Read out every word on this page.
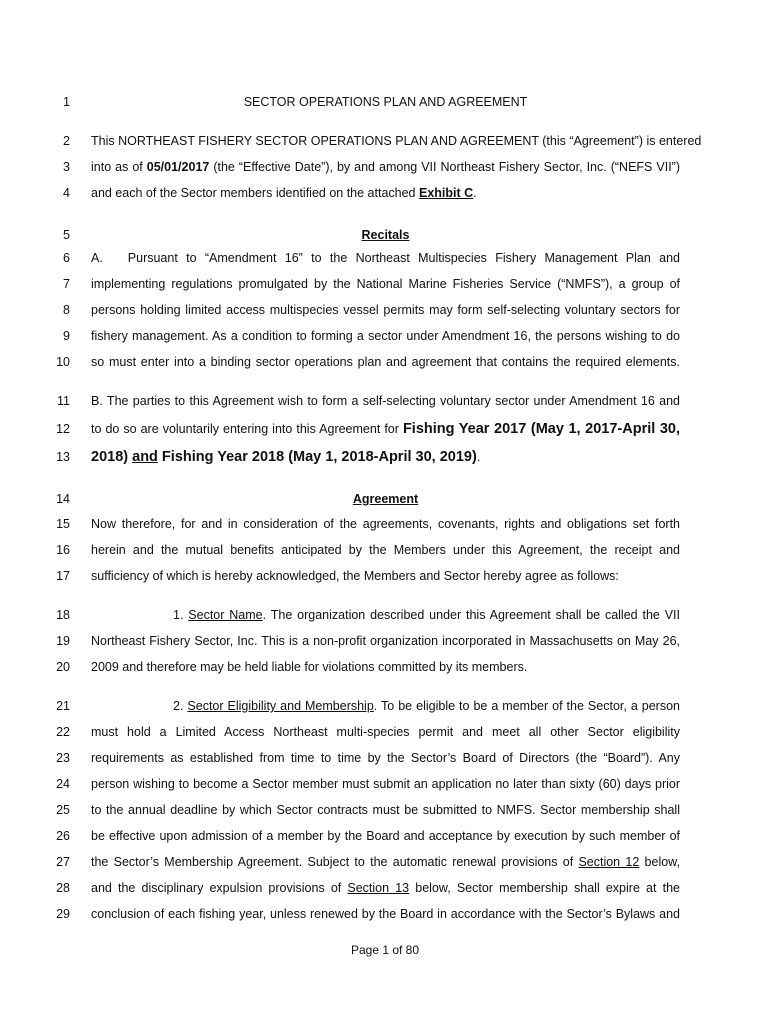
1	SECTOR OPERATIONS PLAN AND AGREEMENT
2 This NORTHEAST FISHERY SECTOR OPERATIONS PLAN AND AGREEMENT (this “Agreement”) is entered
3 into as of 05/01/2017 (the “Effective Date”), by and among VII Northeast Fishery Sector, Inc. (“NEFS VII”)
4 and each of the Sector members identified on the attached Exhibit C.
5	Recitals
6 A.   Pursuant to “Amendment 16” to the Northeast Multispecies Fishery Management Plan and
7 implementing regulations promulgated by the National Marine Fisheries Service (“NMFS”), a group of
8 persons holding limited access multispecies vessel permits may form self-selecting voluntary sectors for
9 fishery management. As a condition to forming a sector under Amendment 16, the persons wishing to do
10 so must enter into a binding sector operations plan and agreement that contains the required elements.
11 B. The parties to this Agreement wish to form a self-selecting voluntary sector under Amendment 16 and
12 to do so are voluntarily entering into this Agreement for Fishing Year 2017 (May 1, 2017-April 30,
13 2018) and Fishing Year 2018 (May 1, 2018-April 30, 2019).
14	Agreement
15 Now therefore, for and in consideration of the agreements, covenants, rights and obligations set forth
16 herein and the mutual benefits anticipated by the Members under this Agreement, the receipt and
17 sufficiency of which is hereby acknowledged, the Members and Sector hereby agree as follows:
18	1. Sector Name. The organization described under this Agreement shall be called the VII
19 Northeast Fishery Sector, Inc. This is a non-profit organization incorporated in Massachusetts on May 26,
20 2009 and therefore may be held liable for violations committed by its members.
21	2. Sector Eligibility and Membership. To be eligible to be a member of the Sector, a person
22 must hold a Limited Access Northeast multi-species permit and meet all other Sector eligibility
23 requirements as established from time to time by the Sector’s Board of Directors (the “Board”). Any
24 person wishing to become a Sector member must submit an application no later than sixty (60) days prior
25 to the annual deadline by which Sector contracts must be submitted to NMFS. Sector membership shall
26 be effective upon admission of a member by the Board and acceptance by execution by such member of
27 the Sector’s Membership Agreement. Subject to the automatic renewal provisions of Section 12 below,
28 and the disciplinary expulsion provisions of Section 13 below, Sector membership shall expire at the
29 conclusion of each fishing year, unless renewed by the Board in accordance with the Sector’s Bylaws and
Page 1 of 80
